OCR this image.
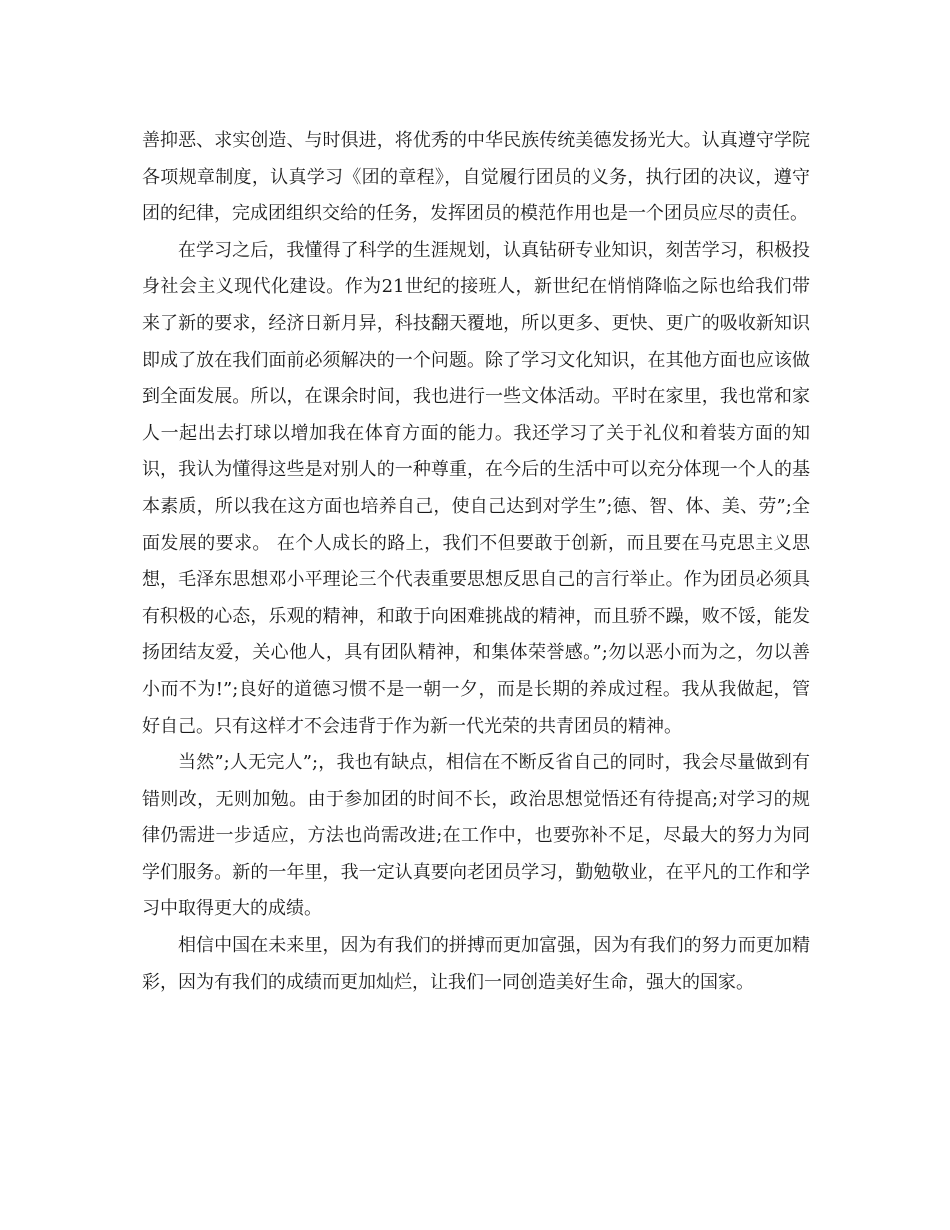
善抑恶、求实创造、与时俱进，将优秀的中华民族传统美德发扬光大。认真遵守学院各项规章制度，认真学习《团的章程》，自觉履行团员的义务，执行团的决议，遵守团的纪律，完成团组织交给的任务，发挥团员的模范作用也是一个团员应尽的责任。

在学习之后，我懂得了科学的生涯规划，认真钻研专业知识，刻苦学习，积极投身社会主义现代化建设。作为21世纪的接班人，新世纪在悄悄降临之际也给我们带来了新的要求，经济日新月异，科技翻天覆地，所以更多、更快、更广的吸收新知识即成了放在我们面前必须解决的一个问题。除了学习文化知识，在其他方面也应该做到全面发展。所以，在课余时间，我也进行一些文体活动。平时在家里，我也常和家人一起出去打球以增加我在体育方面的能力。我还学习了关于礼仪和着装方面的知识，我认为懂得这些是对别人的一种尊重，在今后的生活中可以充分体现一个人的基本素质，所以我在这方面也培养自己，使自己达到对学生”;德、智、体、美、劳”;全面发展的要求。 在个人成长的路上，我们不但要敢于创新，而且要在马克思主义思想，毛泽东思想邓小平理论三个代表重要思想反思自己的言行举止。作为团员必须具有积极的心态，乐观的精神，和敢于向困难挑战的精神，而且骄不躁，败不馁，能发扬团结友爱，关心他人，具有团队精神，和集体荣誉感。”;勿以恶小而为之，勿以善小而不为!”;良好的道德习惯不是一朝一夕，而是长期的养成过程。我从我做起，管好自己。只有这样才不会违背于作为新一代光荣的共青团员的精神。

当然”;人无完人”;，我也有缺点，相信在不断反省自己的同时，我会尽量做到有错则改，无则加勉。由于参加团的时间不长，政治思想觉悟还有待提高;对学习的规律仍需进一步适应，方法也尚需改进;在工作中，也要弥补不足，尽最大的努力为同学们服务。新的一年里，我一定认真要向老团员学习，勤勉敬业，在平凡的工作和学习中取得更大的成绩。

相信中国在未来里，因为有我们的拼搏而更加富强，因为有我们的努力而更加精彩，因为有我们的成绩而更加灿烂，让我们一同创造美好生命，强大的国家。
